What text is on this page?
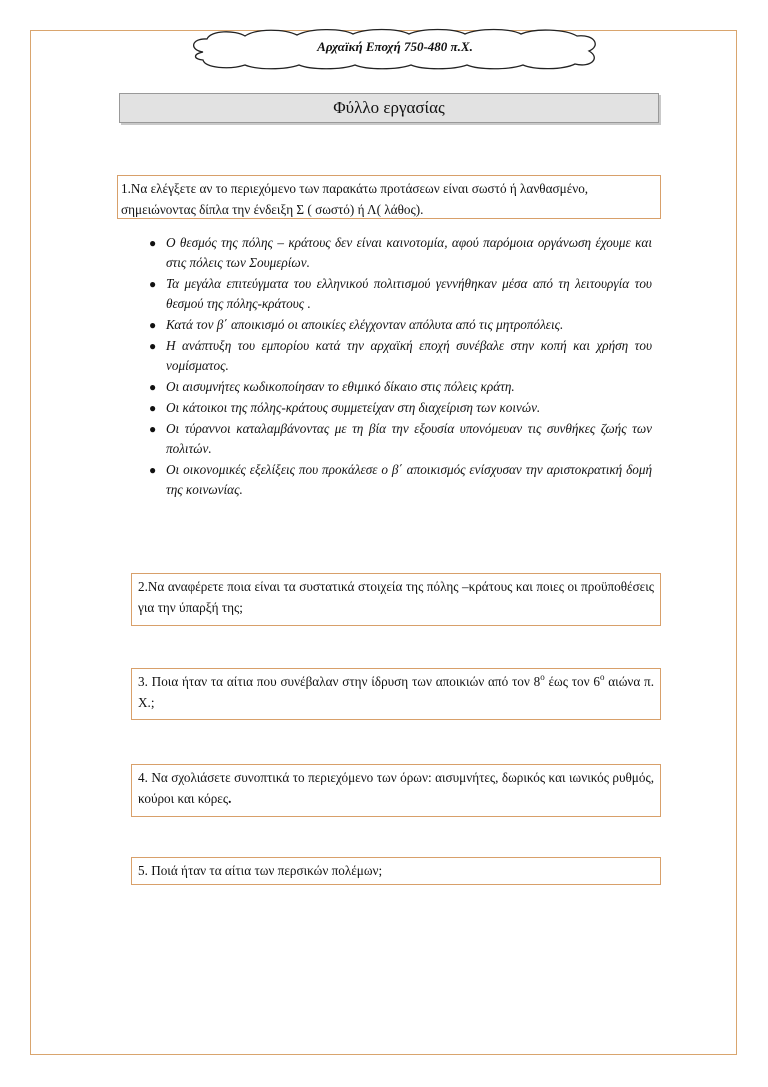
Αρχαϊκή Εποχή 750-480 π.Χ.
Φύλλο εργασίας
1.Να ελέγξετε αν το περιεχόμενο των παρακάτω προτάσεων είναι σωστό ή λανθασμένο, σημειώνοντας δίπλα την ένδειξη Σ ( σωστό) ή Λ( λάθος).
● Ο θεσμός της πόλης – κράτους δεν είναι καινοτομία, αφού παρόμοια οργάνωση έχουμε και στις πόλεις των Σουμερίων.
● Τα μεγάλα επιτεύγματα του ελληνικού πολιτισμού γεννήθηκαν μέσα από τη λειτουργία του θεσμού της πόλης-κράτους .
● Κατά τον β΄ αποικισμό οι αποικίες ελέγχονταν απόλυτα από τις μητροπόλεις.
● Η ανάπτυξη του εμπορίου κατά την αρχαϊκή εποχή συνέβαλε στην κοπή και χρήση του νομίσματος.
● Οι αισυμνήτες κωδικοποίησαν το εθιμικό δίκαιο στις πόλεις κράτη.
● Οι κάτοικοι της πόλης-κράτους συμμετείχαν στη διαχείριση των κοινών.
● Οι τύραννοι καταλαμβάνοντας με τη βία την εξουσία υπονόμευαν τις συνθήκες ζωής των πολιτών.
● Οι οικονομικές εξελίξεις που προκάλεσε ο β΄ αποικισμός ενίσχυσαν την αριστοκρατική δομή της κοινωνίας.
2.Να αναφέρετε ποια είναι τα συστατικά στοιχεία της πόλης –κράτους και ποιες οι προϋποθέσεις για την ύπαρξή της;
3. Ποια ήταν τα αίτια που συνέβαλαν στην ίδρυση των αποικιών από τον $8^o$ έως τον $6^o$ αιώνα π. Χ.;
4. Να σχολιάσετε συνοπτικά το περιεχόμενο των όρων: αισυμνήτες, δωρικός και ιωνικός ρυθμός, κούροι και κόρες.
5. Ποιά ήταν τα αίτια των περσικών πολέμων;
